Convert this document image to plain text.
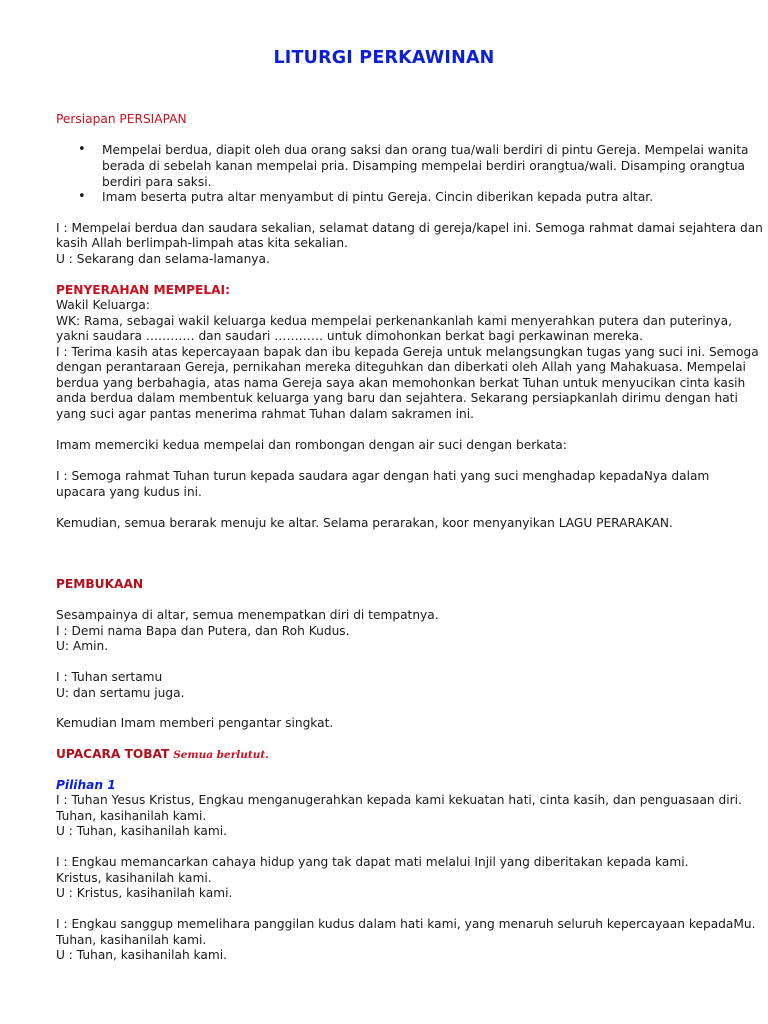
LITURGI PERKAWINAN
Persiapan PERSIAPAN
• Mempelai berdua, diapit oleh dua orang saksi dan orang tua/wali berdiri di pintu Gereja. Mempelai wanita
berada di sebelah kanan mempelai pria. Disamping mempelai berdiri orangtua/wali. Disamping orangtua
berdiri para saksi.
• Imam beserta putra altar menyambut di pintu Gereja. Cincin diberikan kepada putra altar.
I : Mempelai berdua dan saudara sekalian, selamat datang di gereja/kapel ini. Semoga rahmat damai sejahtera dan
kasih Allah berlimpah-limpah atas kita sekalian.
U : Sekarang dan selama-lamanya.
PENYERAHAN MEMPELAI:
Wakil Keluarga:
WK: Rama, sebagai wakil keluarga kedua mempelai perkenankanlah kami menyerahkan putera dan puterinya,
yakni saudara ………… dan saudari ………… untuk dimohonkan berkat bagi perkawinan mereka.
I : Terima kasih atas kepercayaan bapak dan ibu kepada Gereja untuk melangsungkan tugas yang suci ini. Semoga
dengan perantaraan Gereja, pernikahan mereka diteguhkan dan diberkati oleh Allah yang Mahakuasa. Mempelai
berdua yang berbahagia, atas nama Gereja saya akan memohonkan berkat Tuhan untuk menyucikan cinta kasih
anda berdua dalam membentuk keluarga yang baru dan sejahtera. Sekarang persiapkanlah dirimu dengan hati
yang suci agar pantas menerima rahmat Tuhan dalam sakramen ini.
Imam memerciki kedua mempelai dan rombongan dengan air suci dengan berkata:
I : Semoga rahmat Tuhan turun kepada saudara agar dengan hati yang suci menghadap kepadaNya dalam
upacara yang kudus ini.
Kemudian, semua berarak menuju ke altar. Selama perarakan, koor menyanyikan LAGU PERARAKAN.
PEMBUKAAN
Sesampainya di altar, semua menempatkan diri di tempatnya.
I : Demi nama Bapa dan Putera, dan Roh Kudus.
U: Amin.
I : Tuhan sertamu
U: dan sertamu juga.
Kemudian Imam memberi pengantar singkat.
UPACARA TOBAT Semua berlutut.
Pilihan 1
I : Tuhan Yesus Kristus, Engkau menganugerahkan kepada kami kekuatan hati, cinta kasih, dan penguasaan diri.
Tuhan, kasihanilah kami.
U : Tuhan, kasihanilah kami.
I : Engkau memancarkan cahaya hidup yang tak dapat mati melalui Injil yang diberitakan kepada kami.
Kristus, kasihanilah kami.
U : Kristus, kasihanilah kami.
I : Engkau sanggup memelihara panggilan kudus dalam hati kami, yang menaruh seluruh kepercayaan kepadaMu.
Tuhan, kasihanilah kami.
U : Tuhan, kasihanilah kami.
